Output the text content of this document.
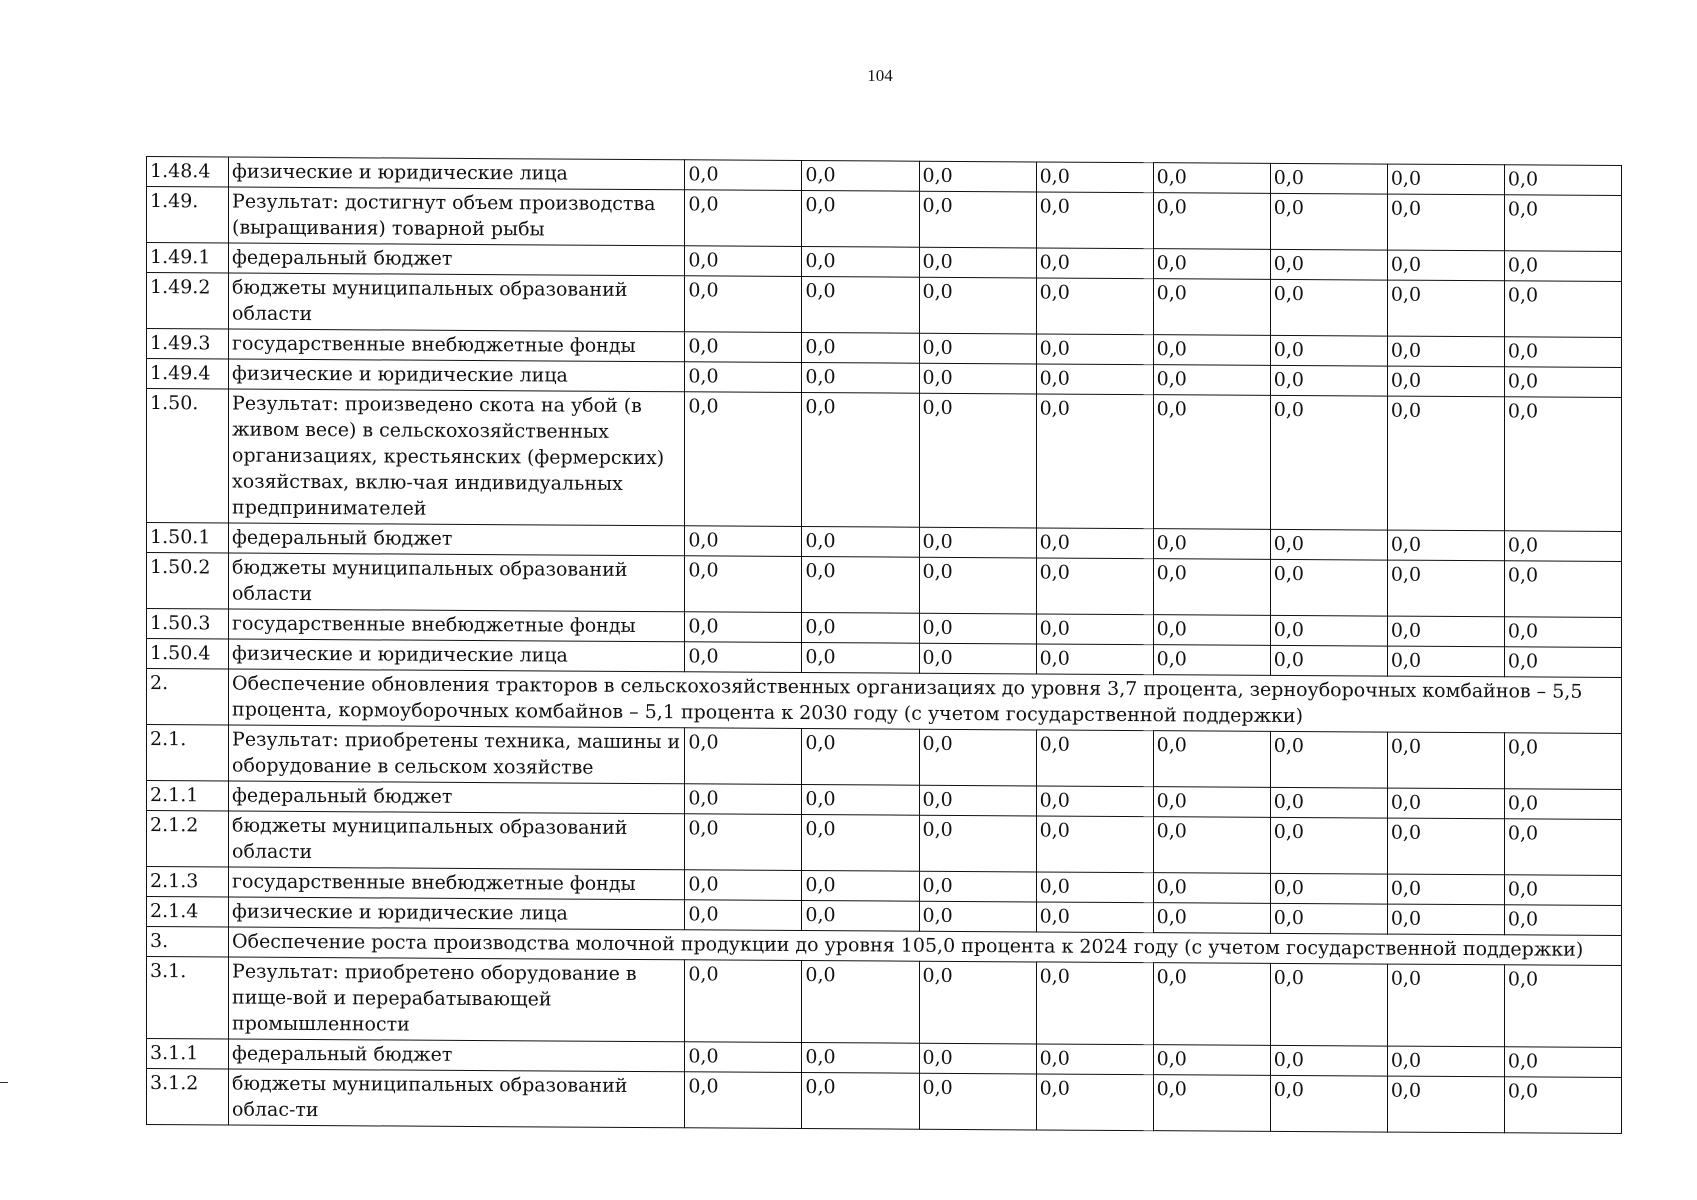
104
1.48.4	физические и юридические лица	0,0	0,0	0,0	0,0	0,0	0,0	0,0	0,0
1.49.	Результат: достигнут объем производства (выращивания) товарной рыбы	0,0	0,0	0,0	0,0	0,0	0,0	0,0	0,0
1.49.1	федеральный бюджет	0,0	0,0	0,0	0,0	0,0	0,0	0,0	0,0
1.49.2	бюджеты муниципальных образований области	0,0	0,0	0,0	0,0	0,0	0,0	0,0	0,0
1.49.3	государственные внебюджетные фонды	0,0	0,0	0,0	0,0	0,0	0,0	0,0	0,0
1.49.4	физические и юридические лица	0,0	0,0	0,0	0,0	0,0	0,0	0,0	0,0
1.50.	Результат: произведено скота на убой (в живом весе) в сельскохозяйственных организациях, крестьянских (фермерских) хозяйствах, вклю-чая индивидуальных предпринимателей	0,0	0,0	0,0	0,0	0,0	0,0	0,0	0,0
1.50.1	федеральный бюджет	0,0	0,0	0,0	0,0	0,0	0,0	0,0	0,0
1.50.2	бюджеты муниципальных образований области	0,0	0,0	0,0	0,0	0,0	0,0	0,0	0,0
1.50.3	государственные внебюджетные фонды	0,0	0,0	0,0	0,0	0,0	0,0	0,0	0,0
1.50.4	физические и юридические лица	0,0	0,0	0,0	0,0	0,0	0,0	0,0	0,0
2.	Обеспечение обновления тракторов в сельскохозяйственных организациях до уровня 3,7 процента, зерноуборочных комбайнов – 5,5 процента, кормоуборочных комбайнов – 5,1 процента к 2030 году (с учетом государственной поддержки)								
2.1.	Результат: приобретены техника, машины и оборудование в сельском хозяйстве	0,0	0,0	0,0	0,0	0,0	0,0	0,0	0,0
2.1.1	федеральный бюджет	0,0	0,0	0,0	0,0	0,0	0,0	0,0	0,0
2.1.2	бюджеты муниципальных образований области	0,0	0,0	0,0	0,0	0,0	0,0	0,0	0,0
2.1.3	государственные внебюджетные фонды	0,0	0,0	0,0	0,0	0,0	0,0	0,0	0,0
2.1.4	физические и юридические лица	0,0	0,0	0,0	0,0	0,0	0,0	0,0	0,0
3.	Обеспечение роста производства молочной продукции до уровня 105,0 процента к 2024 году (с учетом государственной поддержки)								
3.1.	Результат: приобретено оборудование в пище-вой и перерабатывающей промышленности	0,0	0,0	0,0	0,0	0,0	0,0	0,0	0,0
3.1.1	федеральный бюджет	0,0	0,0	0,0	0,0	0,0	0,0	0,0	0,0
3.1.2	бюджеты муниципальных образований облас-ти	0,0	0,0	0,0	0,0	0,0	0,0	0,0	0,0
